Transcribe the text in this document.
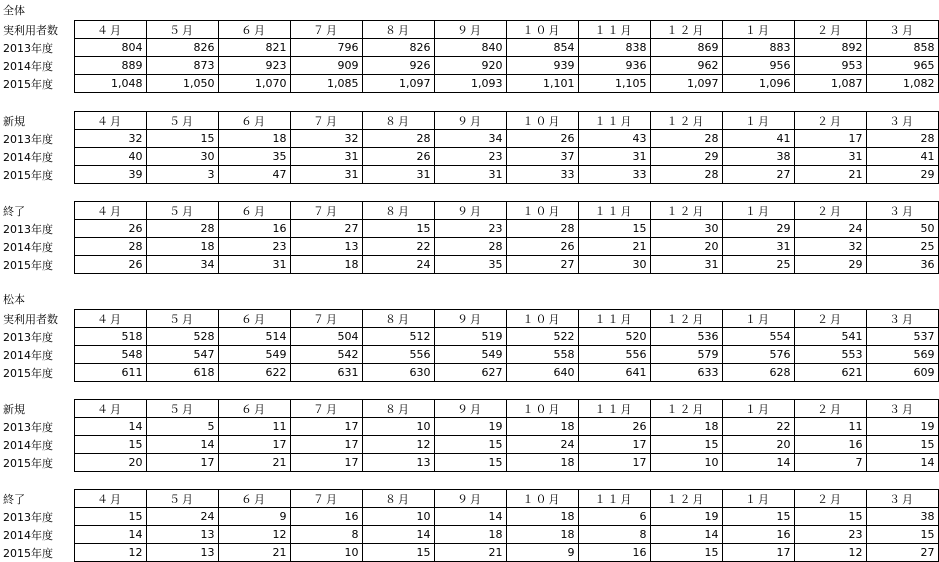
全体
実利用者数	４月	５月	６月	７月	８月	９月	１０月	１１月	１２月	１月	２月	３月
2013年度	804	826	821	796	826	840	854	838	869	883	892	858
2014年度	889	873	923	909	926	920	939	936	962	956	953	965
2015年度	1,048	1,050	1,070	1,085	1,097	1,093	1,101	1,105	1,097	1,096	1,087	1,082
新規	４月	５月	６月	７月	８月	９月	１０月	１１月	１２月	１月	２月	３月
2013年度	32	15	18	32	28	34	26	43	28	41	17	28
2014年度	40	30	35	31	26	23	37	31	29	38	31	41
2015年度	39	3	47	31	31	31	33	33	28	27	21	29
終了	４月	５月	６月	７月	８月	９月	１０月	１１月	１２月	１月	２月	３月
2013年度	26	28	16	27	15	23	28	15	30	29	24	50
2014年度	28	18	23	13	22	28	26	21	20	31	32	25
2015年度	26	34	31	18	24	35	27	30	31	25	29	36
松本
実利用者数	４月	５月	６月	７月	８月	９月	１０月	１１月	１２月	１月	２月	３月
2013年度	518	528	514	504	512	519	522	520	536	554	541	537
2014年度	548	547	549	542	556	549	558	556	579	576	553	569
2015年度	611	618	622	631	630	627	640	641	633	628	621	609
新規	４月	５月	６月	７月	８月	９月	１０月	１１月	１２月	１月	２月	３月
2013年度	14	5	11	17	10	19	18	26	18	22	11	19
2014年度	15	14	17	17	12	15	24	17	15	20	16	15
2015年度	20	17	21	17	13	15	18	17	10	14	7	14
終了	４月	５月	６月	７月	８月	９月	１０月	１１月	１２月	１月	２月	３月
2013年度	15	24	9	16	10	14	18	6	19	15	15	38
2014年度	14	13	12	8	14	18	18	8	14	16	23	15
2015年度	12	13	21	10	15	21	9	16	15	17	12	27
